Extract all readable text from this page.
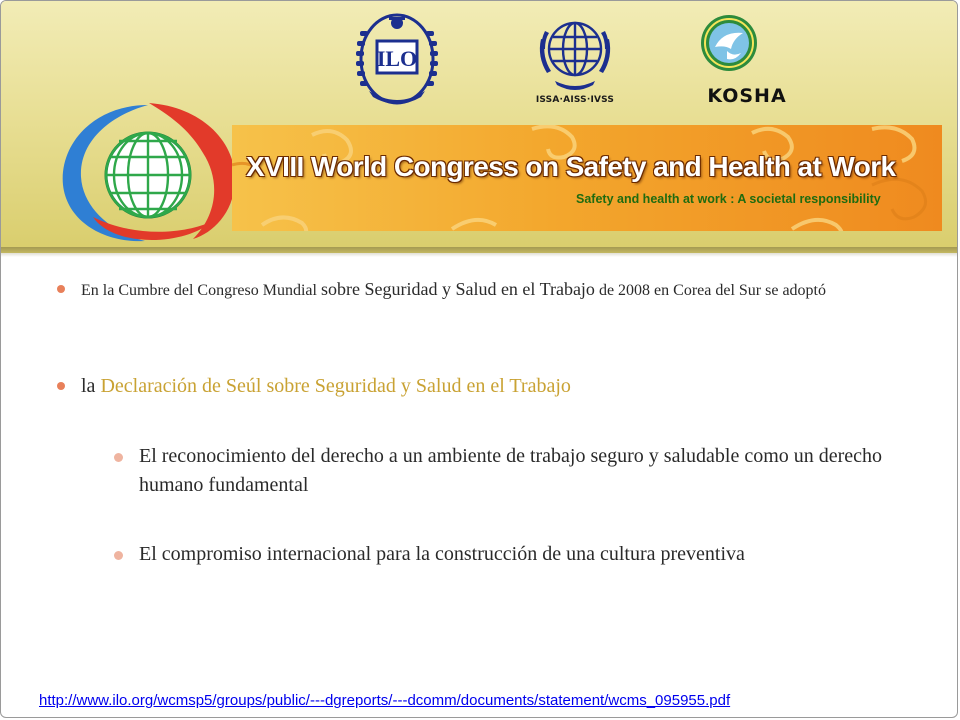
ILO
ISSA·AISS·IVSS	KOSHA
XVIII World Congress on Safety and Health at Work
Safety and health at work : A societal responsibility
En la Cumbre del Congreso Mundial sobre Seguridad y Salud en el Trabajo de 2008 en Corea del Sur se adoptó
la Declaración de Seúl sobre Seguridad y Salud en el Trabajo
El reconocimiento del derecho a un ambiente de trabajo seguro y saludable como un derecho humano fundamental
El compromiso internacional para la construcción de una cultura preventiva
http://www.ilo.org/wcmsp5/groups/public/---dgreports/---dcomm/documents/statement/wcms_095955.pdf
